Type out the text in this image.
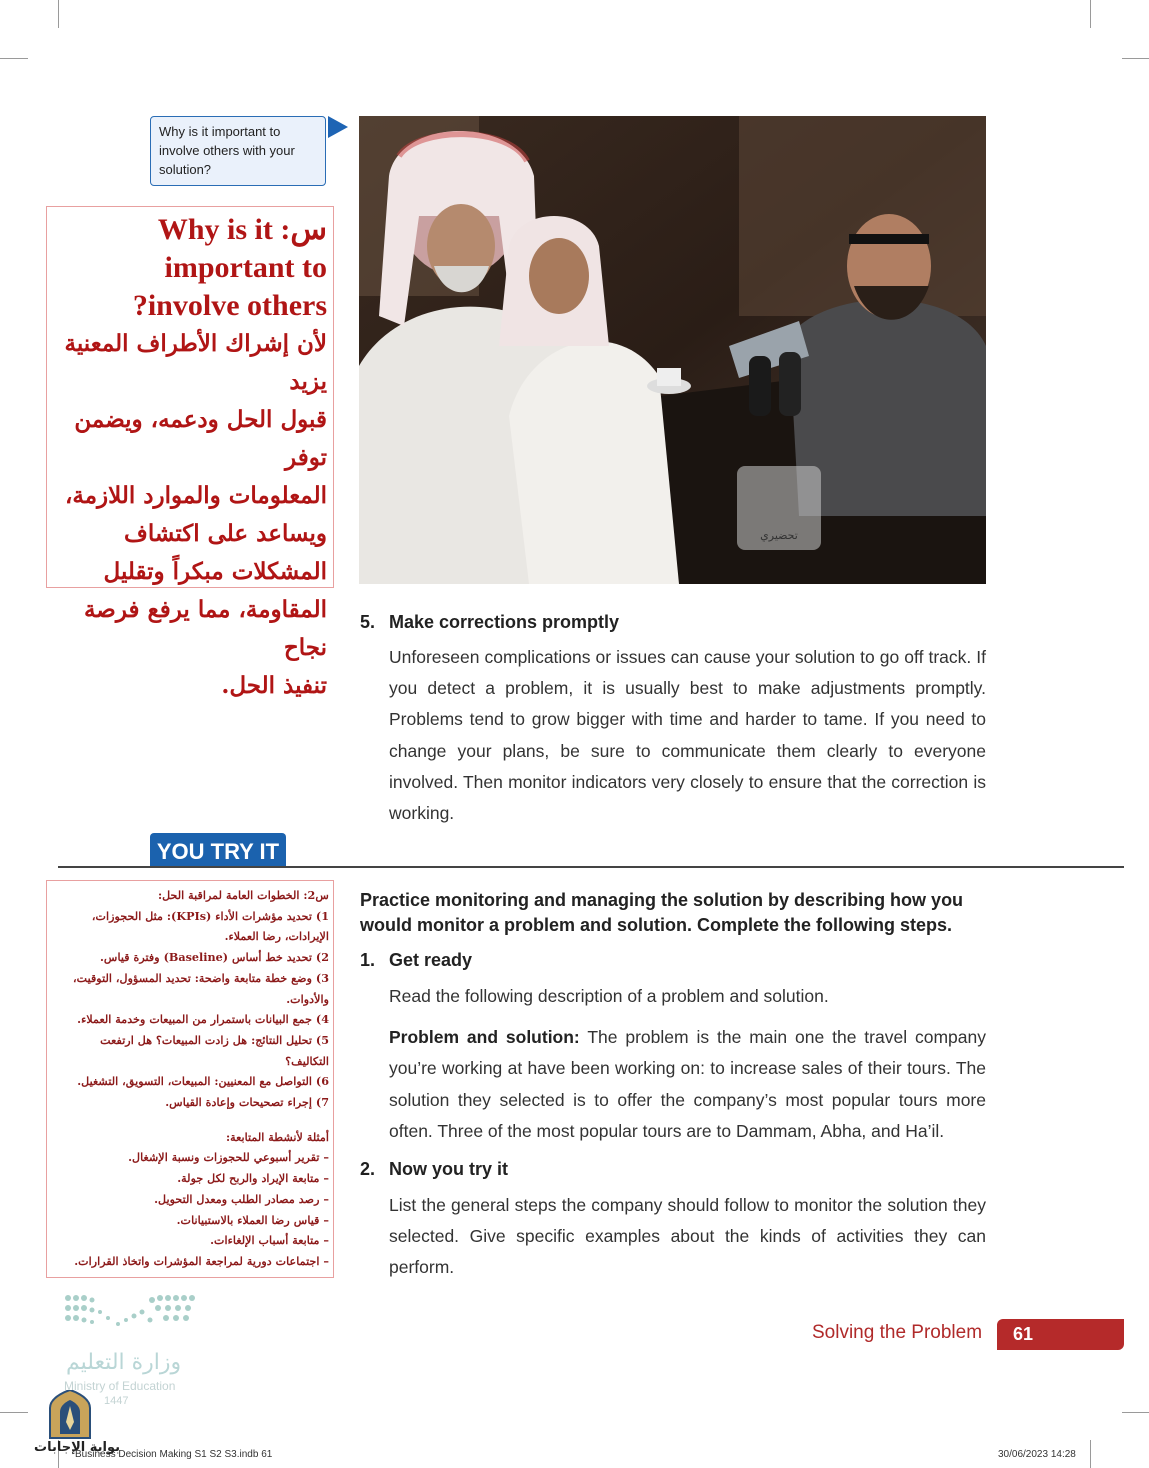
Why is it important to involve others with your solution?
Why is it :س
important to
?involve others
لأن إشراك الأطراف المعنية يزيد
قبول الحل ودعمه، ويضمن توفر
المعلومات والموارد اللازمة،
ويساعد على اكتشاف
المشكلات مبكراً وتقليل
المقاومة، مما يرفع فرصة نجاح
تنفيذ الحل.
تحضيري
5. Make corrections promptly
Unforeseen complications or issues can cause your solution to go off track. If you detect a problem, it is usually best to make adjustments promptly. Problems tend to grow bigger with time and harder to tame. If you need to change your plans, be sure to communicate them clearly to everyone involved. Then monitor indicators very closely to ensure that the correction is working.
YOU TRY IT
س2: الخطوات العامة لمراقبة الحل:
1) تحديد مؤشرات الأداء (KPIs): مثل الحجوزات،
الإيرادات، رضا العملاء.
2) تحديد خط أساس (Baseline) وفترة قياس.
3) وضع خطة متابعة واضحة: تحديد المسؤول، التوقيت،
والأدوات.
4) جمع البيانات باستمرار من المبيعات وخدمة العملاء.
5) تحليل النتائج: هل زادت المبيعات؟ هل ارتفعت
التكاليف؟
6) التواصل مع المعنيين: المبيعات، التسويق، التشغيل.
7) إجراء تصحيحات وإعادة القياس.
أمثلة لأنشطة المتابعة:
– تقرير أسبوعي للحجوزات ونسبة الإشغال.
– متابعة الإيراد والربح لكل جولة.
– رصد مصادر الطلب ومعدل التحويل.
– قياس رضا العملاء بالاستبيانات.
– متابعة أسباب الإلغاءات.
– اجتماعات دورية لمراجعة المؤشرات واتخاذ القرارات.
Practice monitoring and managing the solution by describing how you would monitor a problem and solution. Complete the following steps.
1. Get ready
Read the following description of a problem and solution.
Problem and solution: The problem is the main one the travel company you’re working at have been working on: to increase sales of their tours. The solution they selected is to offer the company’s most popular tours more often. Three of the most popular tours are to Dammam, Abha, and Ha’il.
2. Now you try it
List the general steps the company should follow to monitor the solution they selected. Give specific examples about the kinds of activities they can perform.
وزارة التعليم
Ministry of Education
1447
بوابة الإجابات
Solving the Problem	61
Business Decision Making S1 S2 S3.indb 61	30/06/2023 14:28
